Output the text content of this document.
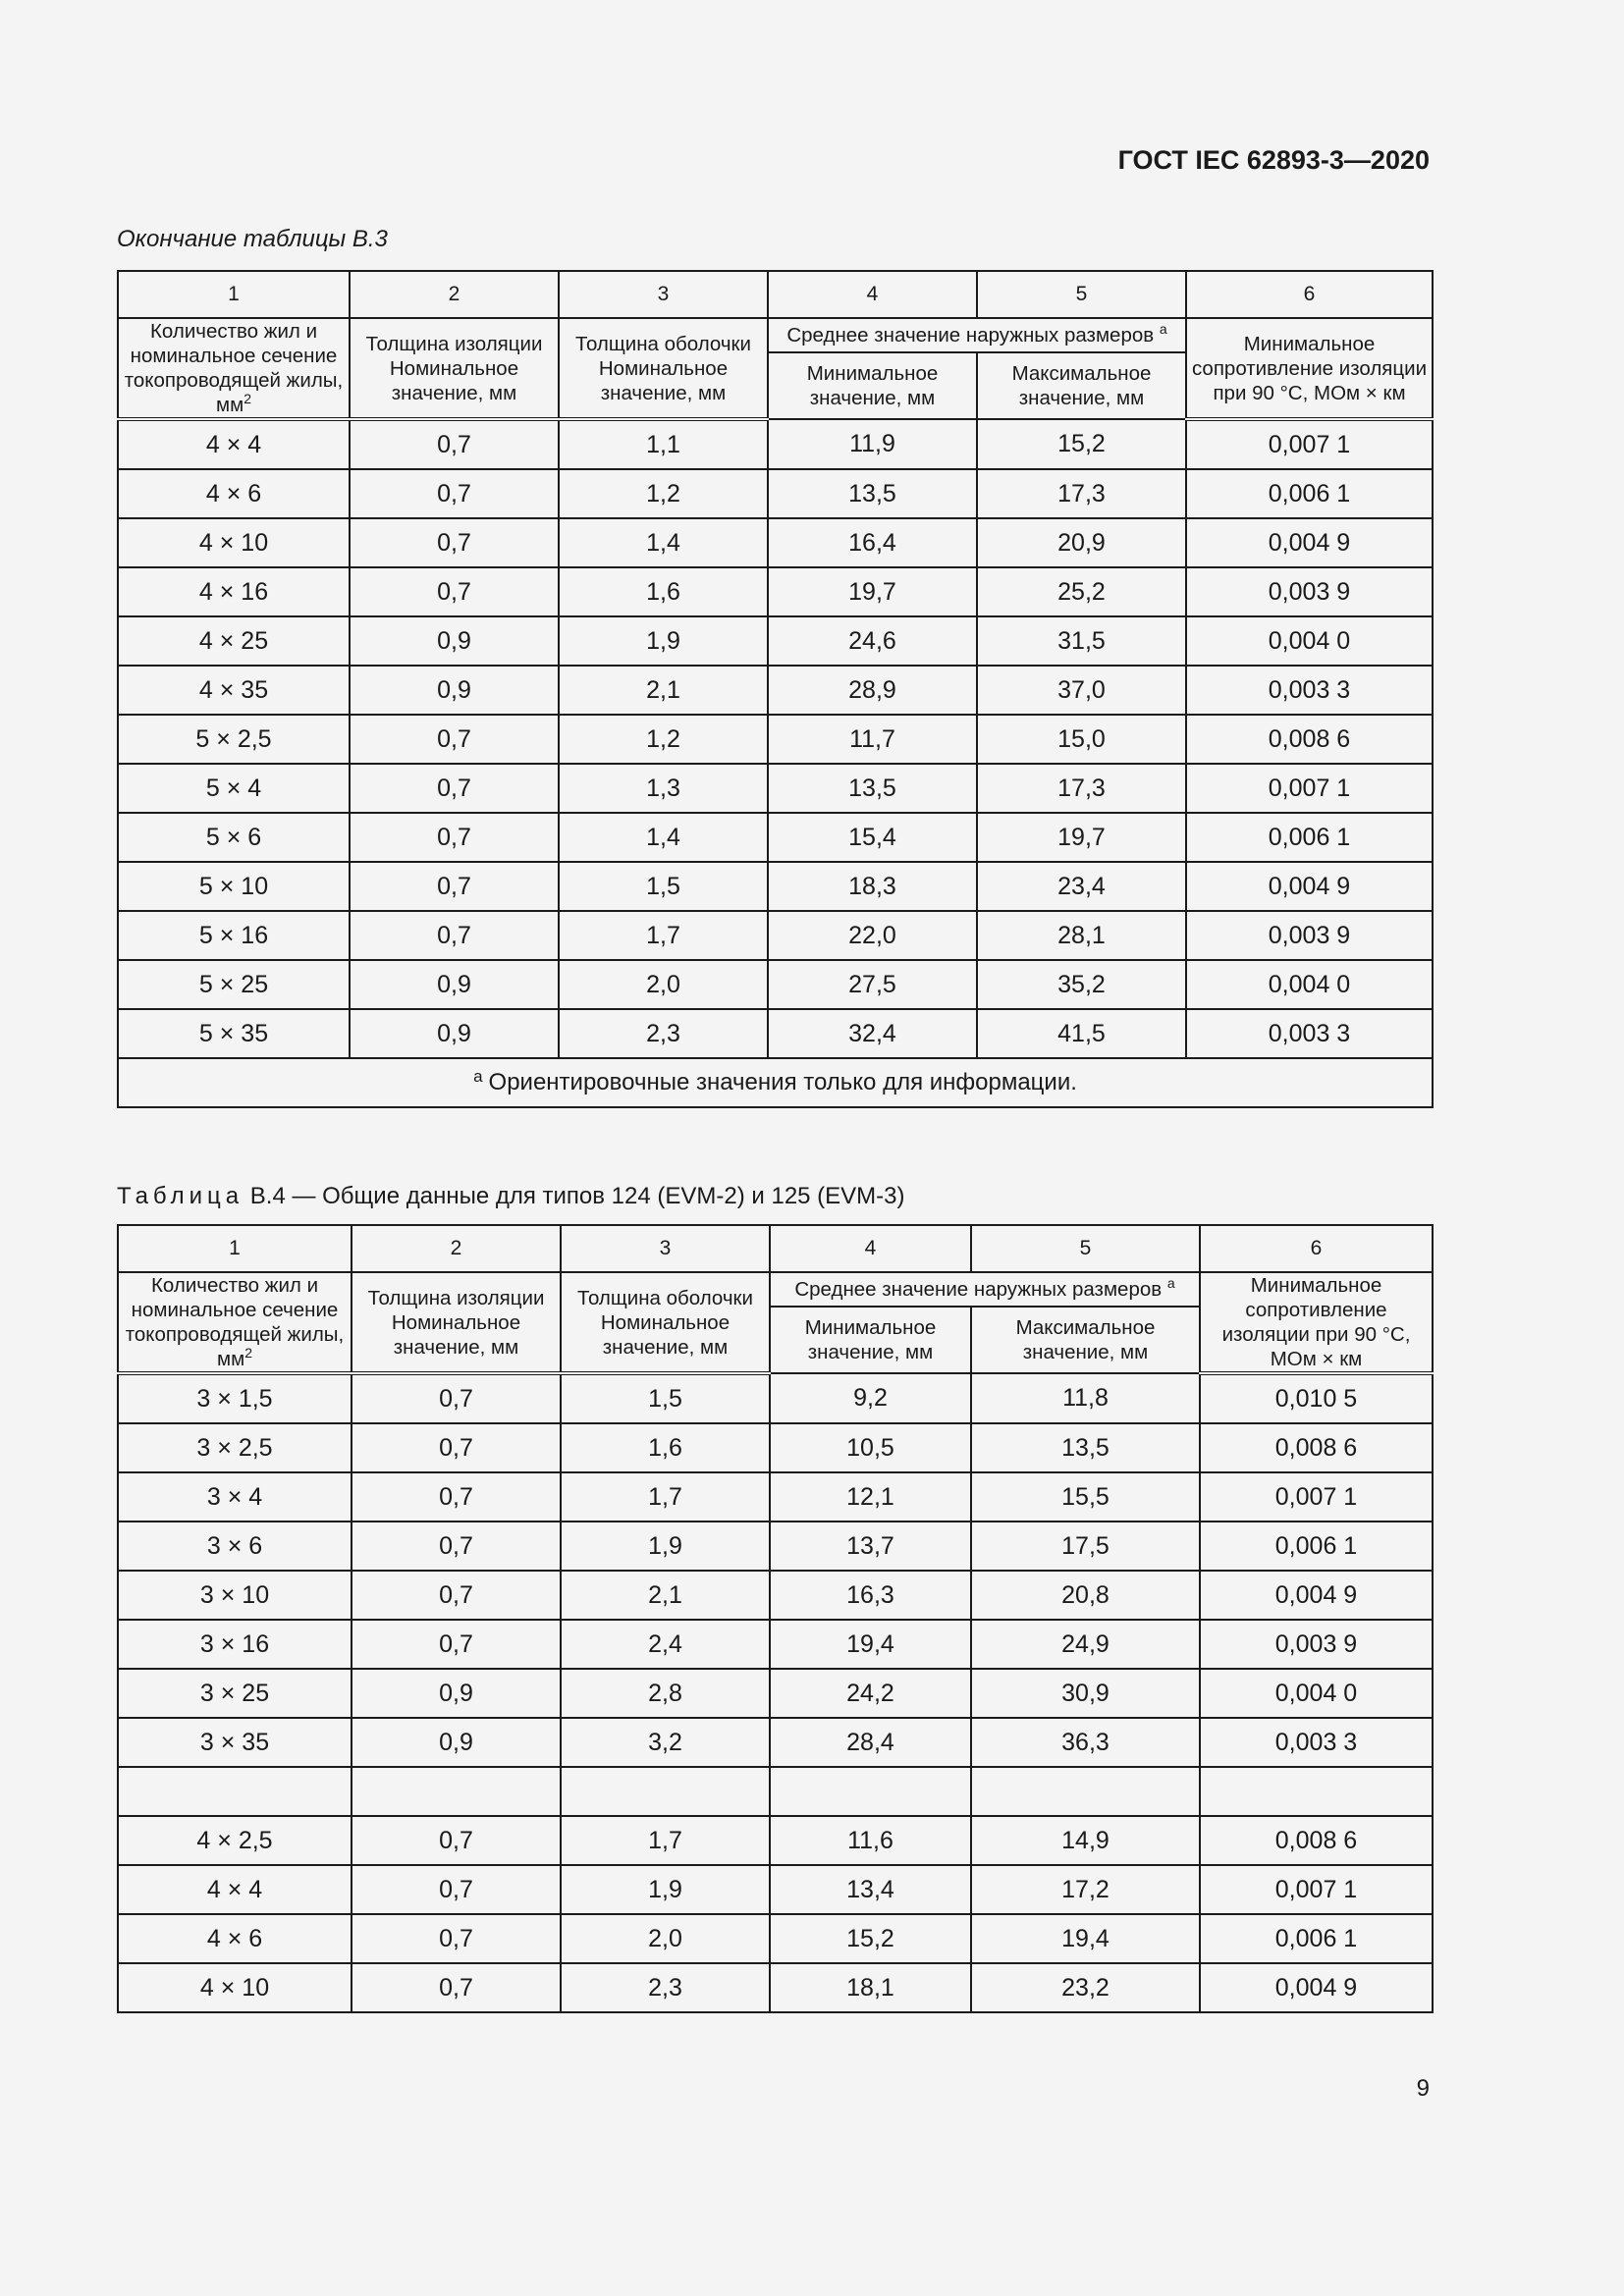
ГОСТ IEC 62893-3—2020
Окончание таблицы В.3
1	2	3	4	5	6
Количество жил и номинальное сечение токопроводящей жилы, $мм^2$	Толщина изоляции Номинальное значение, мм	Толщина оболочки Номинальное значение, мм	Среднее значение наружных размеров $^a$		Минимальное сопротивление изоляции при 90 °С, МОм × км
			Минимальное значение, мм	Максимальное значение, мм	
4 × 4	0,7	1,1	11,9	15,2	0,007 1
4 × 6	0,7	1,2	13,5	17,3	0,006 1
4 × 10	0,7	1,4	16,4	20,9	0,004 9
4 × 16	0,7	1,6	19,7	25,2	0,003 9
4 × 25	0,9	1,9	24,6	31,5	0,004 0
4 × 35	0,9	2,1	28,9	37,0	0,003 3
5 × 2,5	0,7	1,2	11,7	15,0	0,008 6
5 × 4	0,7	1,3	13,5	17,3	0,007 1
5 × 6	0,7	1,4	15,4	19,7	0,006 1
5 × 10	0,7	1,5	18,3	23,4	0,004 9
5 × 16	0,7	1,7	22,0	28,1	0,003 9
5 × 25	0,9	2,0	27,5	35,2	0,004 0
5 × 35	0,9	2,3	32,4	41,5	0,003 3
$^a$ Ориентировочные значения только для информации.					
Таблица В.4 — Общие данные для типов 124 (EVM-2) и 125 (EVM-3)
1	2	3	4	5	6
Количество жил и номинальное сечение токопроводящей жилы, $мм^2$	Толщина изоляции Номинальное значение, мм	Толщина оболочки Номинальное значение, мм	Среднее значение наружных размеров $^a$		Минимальное сопротивление изоляции при 90 °С, МОм × км
			Минимальное значение, мм	Максимальное значение, мм	
3 × 1,5	0,7	1,5	9,2	11,8	0,010 5
3 × 2,5	0,7	1,6	10,5	13,5	0,008 6
3 × 4	0,7	1,7	12,1	15,5	0,007 1
3 × 6	0,7	1,9	13,7	17,5	0,006 1
3 × 10	0,7	2,1	16,3	20,8	0,004 9
3 × 16	0,7	2,4	19,4	24,9	0,003 9
3 × 25	0,9	2,8	24,2	30,9	0,004 0
3 × 35	0,9	3,2	28,4	36,3	0,003 3

4 × 2,5	0,7	1,7	11,6	14,9	0,008 6
4 × 4	0,7	1,9	13,4	17,2	0,007 1
4 × 6	0,7	2,0	15,2	19,4	0,006 1
4 × 10	0,7	2,3	18,1	23,2	0,004 9
9
